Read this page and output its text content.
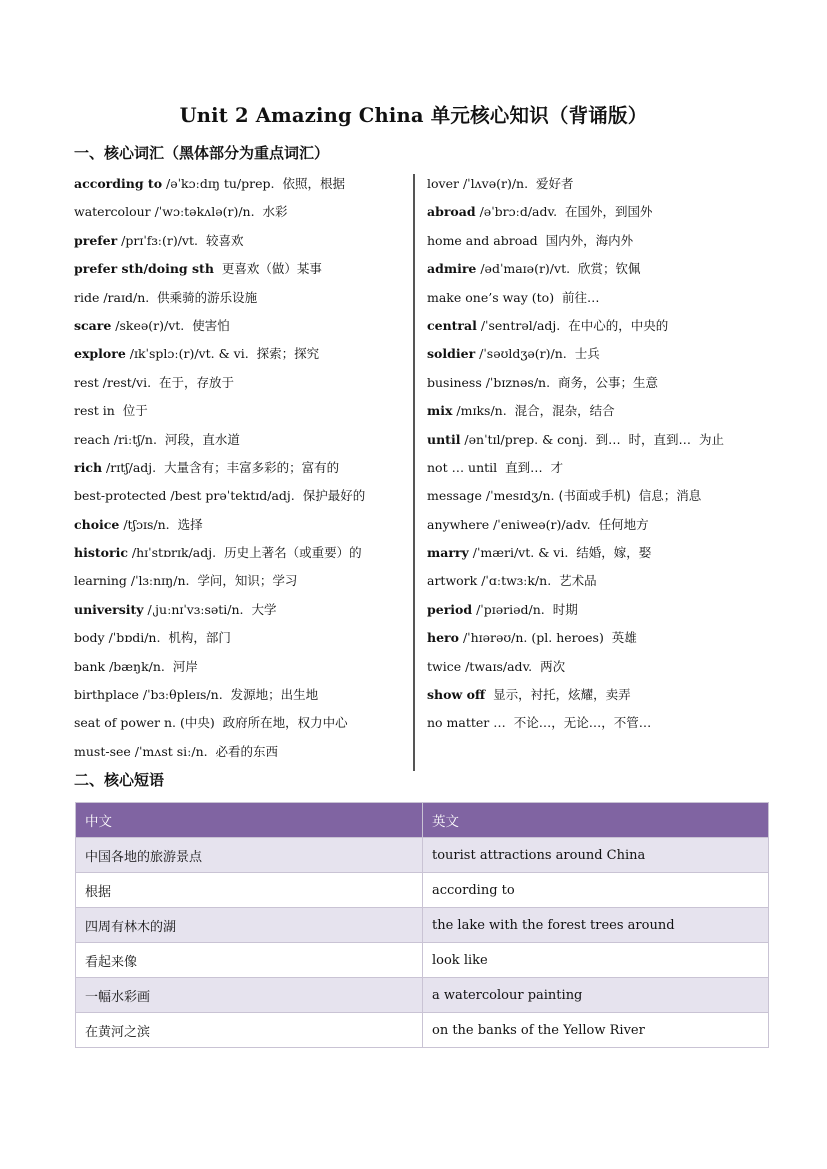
Unit 2 Amazing China 单元核心知识（背诵版）
一、核心词汇（黑体部分为重点词汇）
according to /əˈkɔːdɪŋ tu/prep.  依照，根据
watercolour /ˈwɔːtəkʌlə(r)/n.  水彩
prefer /prɪˈfɜː(r)/vt.  较喜欢
prefer sth/doing sth 更喜欢（做）某事
ride /raɪd/n.  供乘骑的游乐设施
scare /skeə(r)/vt.  使害怕
explore /ɪkˈsplɔː(r)/vt. & vi.  探索；探究
rest /rest/vi.  在于，存放于
rest in 位于
reach /riːtʃ/n.  河段，直水道
rich /rɪtʃ/adj.  大量含有；丰富多彩的；富有的
best-protected /best prəˈtektɪd/adj.  保护最好的
choice /tʃɔɪs/n.  选择
historic /hɪˈstɒrɪk/adj.  历史上著名（或重要）的
learning /ˈlɜːnɪŋ/n.  学问，知识；学习
university /ˌjuːnɪˈvɜːsəti/n.  大学
body /ˈbɒdi/n.  机构，部门
bank /bæŋk/n.  河岸
birthplace /ˈbɜːθpleɪs/n.  发源地；出生地
seat of power n. (中央)  政府所在地，权力中心
must-see /ˈmʌst siː/n.  必看的东西
lover /ˈlʌvə(r)/n.  爱好者
abroad /əˈbrɔːd/adv.  在国外，到国外
home and abroad 国内外，海内外
admire /ədˈmaɪə(r)/vt.  欣赏；钦佩
make one’s way (to) 前往…
central /ˈsentrəl/adj.  在中心的，中央的
soldier /ˈsəʊldʒə(r)/n.  士兵
business /ˈbɪznəs/n.  商务，公事；生意
mix /mɪks/n.  混合，混杂，结合
until /ənˈtɪl/prep. & conj.  到…  时，直到…  为止
not … until 直到…  才
message /ˈmesɪdʒ/n. (书面或手机)  信息；消息
anywhere /ˈeniweə(r)/adv.  任何地方
marry /ˈmæri/vt. & vi.  结婚，嫁，娶
artwork /ˈɑːtwɜːk/n.  艺术品
period /ˈpɪəriəd/n.  时期
hero /ˈhɪərəʊ/n. (pl. heroes)  英雄
twice /twaɪs/adv.  两次
show off 显示，衬托，炫耀，卖弄
no matter … 不论…，无论…，不管…
二、核心短语
中文	英文
中国各地的旅游景点	tourist attractions around China
根据	according to
四周有林木的湖	the lake with the forest trees around
看起来像	look like
一幅水彩画	a watercolour painting
在黄河之滨	on the banks of the Yellow River
